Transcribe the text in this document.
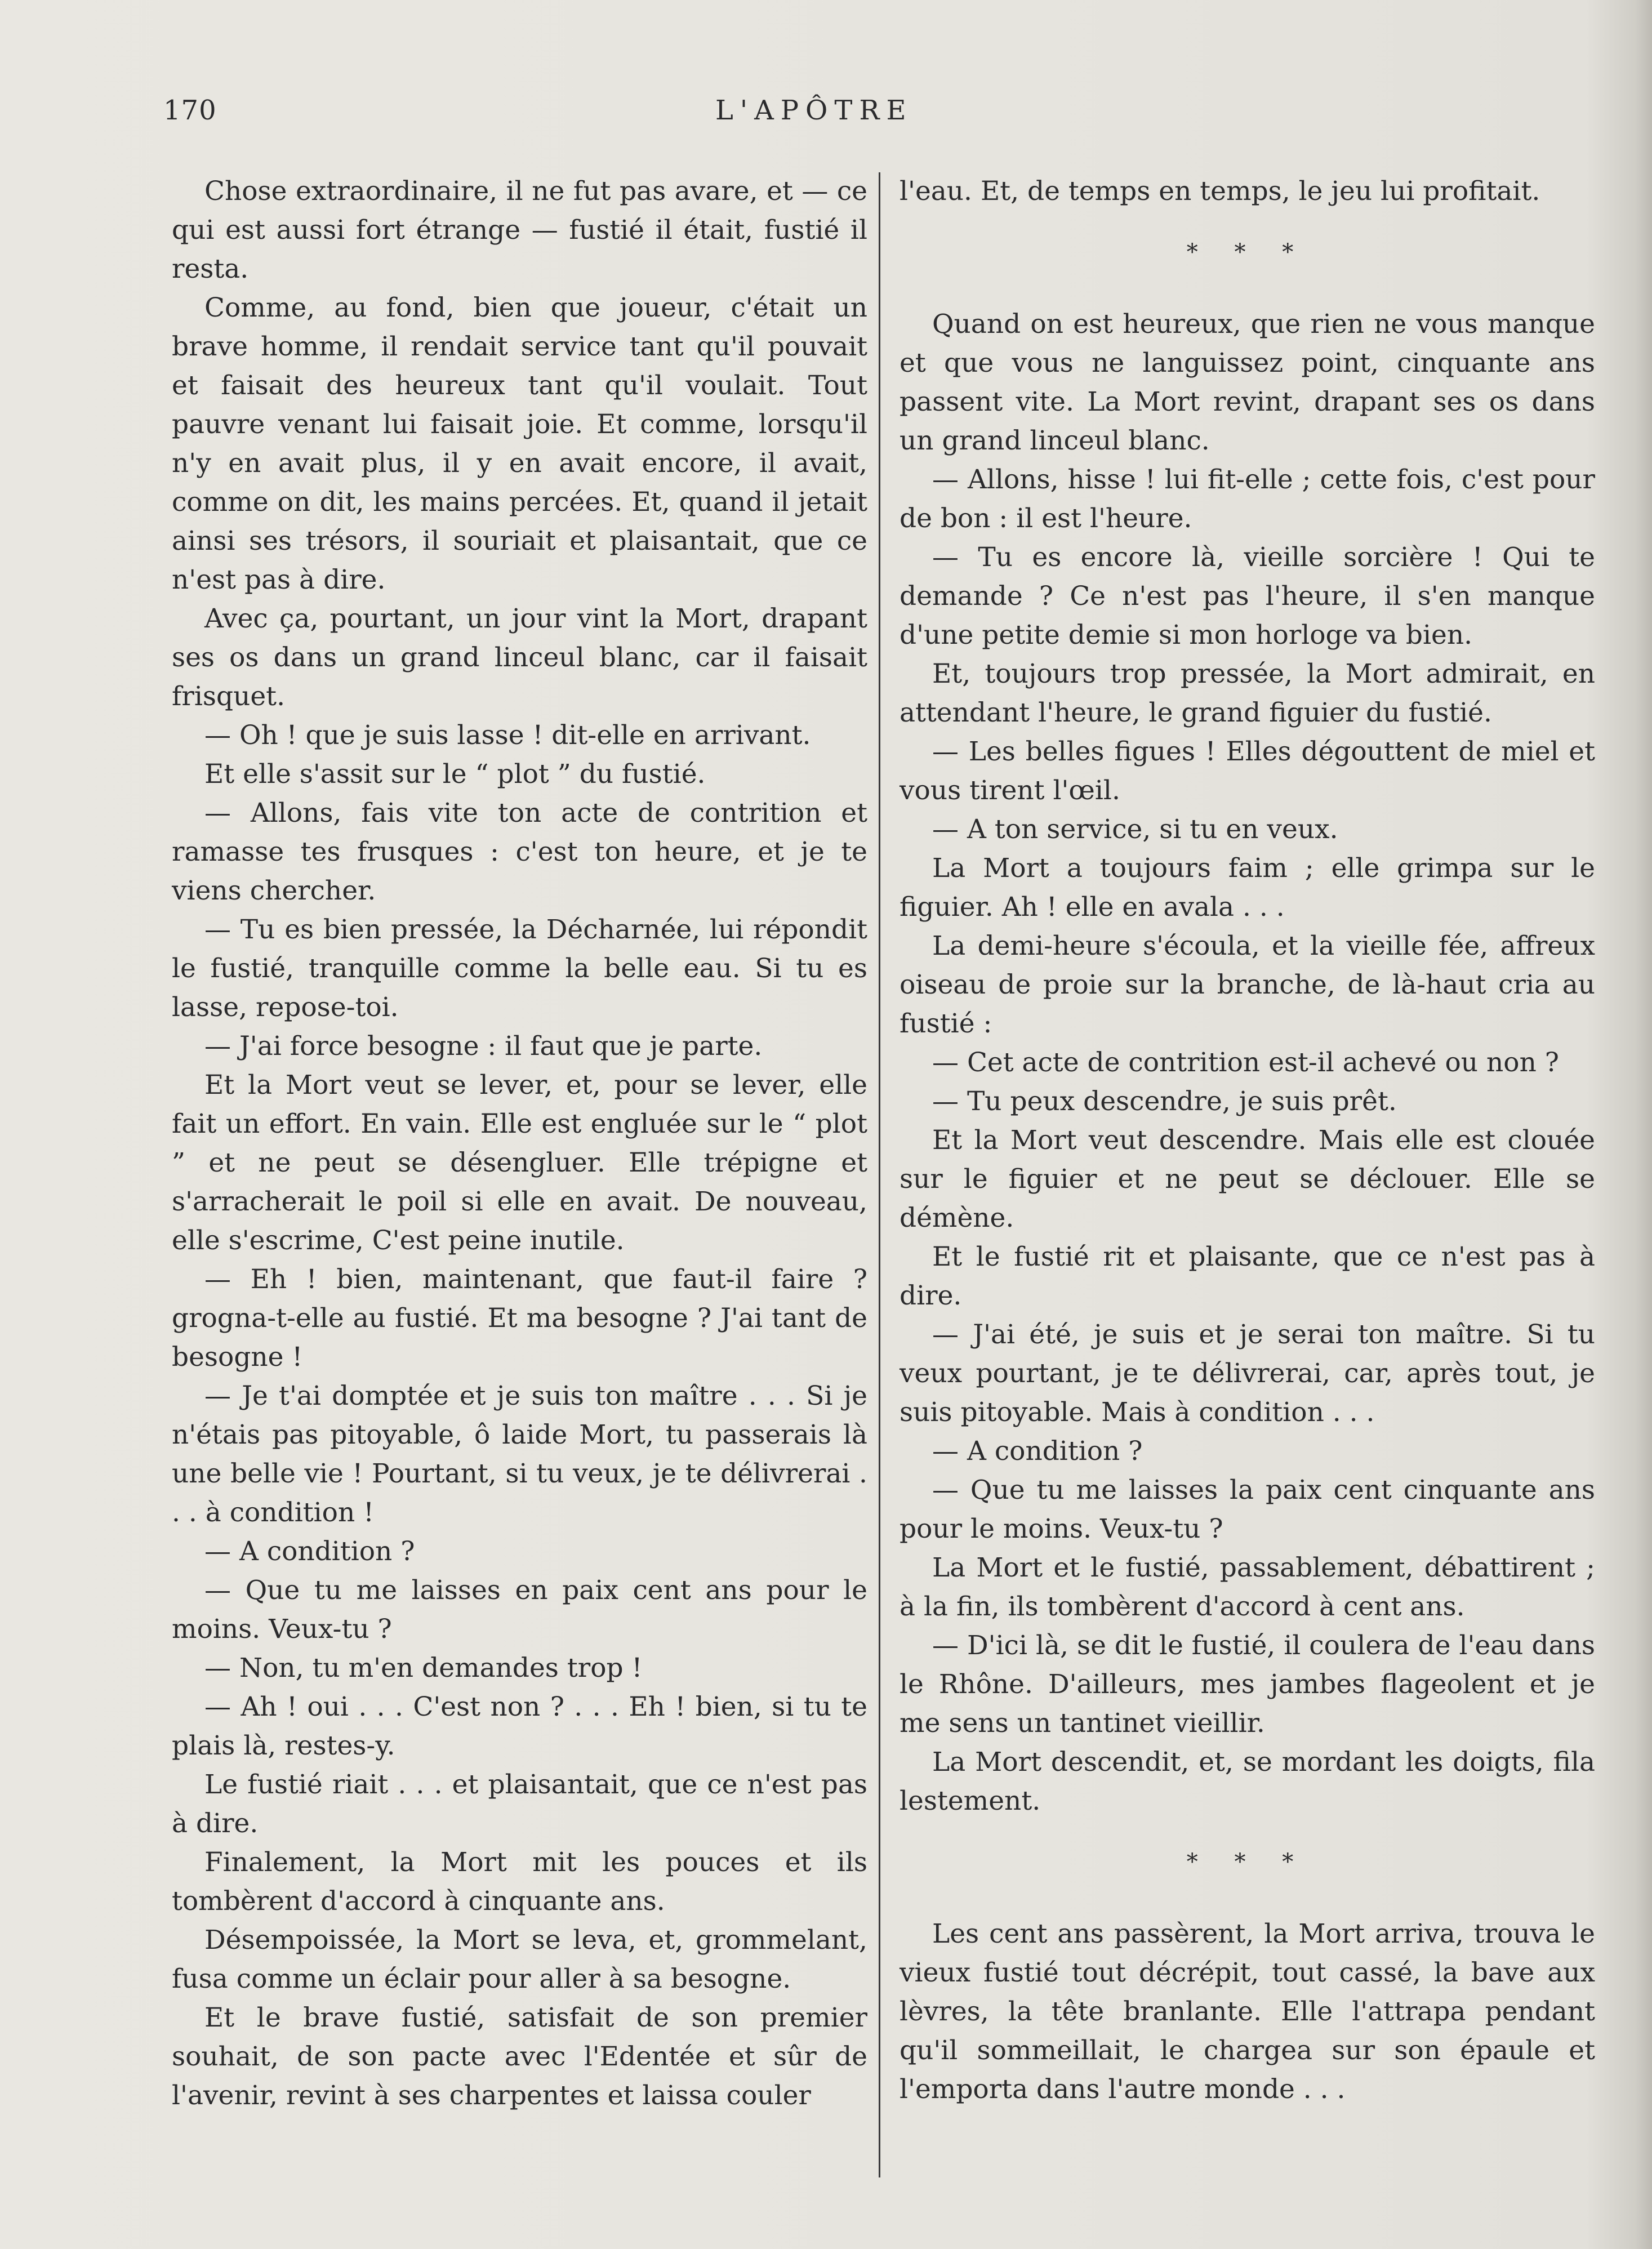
170	L'APÔTRE

Chose extraordinaire, il ne fut pas avare, et — ce qui est aussi fort étrange — fustié il était, fustié il resta.

Comme, au fond, bien que joueur, c'était un brave homme, il rendait service tant qu'il pouvait et faisait des heureux tant qu'il voulait. Tout pauvre venant lui faisait joie. Et comme, lorsqu'il n'y en avait plus, il y en avait encore, il avait, comme on dit, les mains percées. Et, quand il jetait ainsi ses trésors, il souriait et plaisantait, que ce n'est pas à dire.

Avec ça, pourtant, un jour vint la Mort, drapant ses os dans un grand linceul blanc, car il faisait frisquet.

— Oh ! que je suis lasse ! dit-elle en arrivant.

Et elle s'assit sur le “ plot ” du fustié.

— Allons, fais vite ton acte de contrition et ramasse tes frusques : c'est ton heure, et je te viens chercher.

— Tu es bien pressée, la Décharnée, lui répondit le fustié, tranquille comme la belle eau. Si tu es lasse, repose-toi.

— J'ai force besogne : il faut que je parte.

Et la Mort veut se lever, et, pour se lever, elle fait un effort. En vain. Elle est engluée sur le “ plot ” et ne peut se désengluer. Elle trépigne et s'arracherait le poil si elle en avait. De nouveau, elle s'escrime, C'est peine inutile.

— Eh ! bien, maintenant, que faut-il faire ? grogna-t-elle au fustié. Et ma besogne ? J'ai tant de besogne !

— Je t'ai domptée et je suis ton maître . . . Si je n'étais pas pitoyable, ô laide Mort, tu passerais là une belle vie ! Pourtant, si tu veux, je te délivrerai . . . à condition !

— A condition ?

— Que tu me laisses en paix cent ans pour le moins. Veux-tu ?

— Non, tu m'en demandes trop !

— Ah ! oui . . . C'est non ? . . . Eh ! bien, si tu te plais là, restes-y.

Le fustié riait . . . et plaisantait, que ce n'est pas à dire.

Finalement, la Mort mit les pouces et ils tombèrent d'accord à cinquante ans.

Désempoissée, la Mort se leva, et, grommelant, fusa comme un éclair pour aller à sa besogne.

Et le brave fustié, satisfait de son premier souhait, de son pacte avec l'Edentée et sûr de l'avenir, revint à ses charpentes et laissa couler

l'eau. Et, de temps en temps, le jeu lui profitait.

* * *

Quand on est heureux, que rien ne vous manque et que vous ne languissez point, cinquante ans passent vite. La Mort revint, drapant ses os dans un grand linceul blanc.

— Allons, hisse ! lui fit-elle ; cette fois, c'est pour de bon : il est l'heure.

— Tu es encore là, vieille sorcière ! Qui te demande ? Ce n'est pas l'heure, il s'en manque d'une petite demie si mon horloge va bien.

Et, toujours trop pressée, la Mort admirait, en attendant l'heure, le grand figuier du fustié.

— Les belles figues ! Elles dégouttent de miel et vous tirent l'œil.

— A ton service, si tu en veux.

La Mort a toujours faim ; elle grimpa sur le figuier. Ah ! elle en avala . . .

La demi-heure s'écoula, et la vieille fée, affreux oiseau de proie sur la branche, de là-haut cria au fustié :

— Cet acte de contrition est-il achevé ou non ?

— Tu peux descendre, je suis prêt.

Et la Mort veut descendre. Mais elle est clouée sur le figuier et ne peut se déclouer. Elle se démène.

Et le fustié rit et plaisante, que ce n'est pas à dire.

— J'ai été, je suis et je serai ton maître. Si tu veux pourtant, je te délivrerai, car, après tout, je suis pitoyable. Mais à condition . . .

— A condition ?

— Que tu me laisses la paix cent cinquante ans pour le moins. Veux-tu ?

La Mort et le fustié, passablement, débattirent ; à la fin, ils tombèrent d'accord à cent ans.

— D'ici là, se dit le fustié, il coulera de l'eau dans le Rhône. D'ailleurs, mes jambes flageolent et je me sens un tantinet vieillir.

La Mort descendit, et, se mordant les doigts, fila lestement.

* * *

Les cent ans passèrent, la Mort arriva, trouva le vieux fustié tout décrépit, tout cassé, la bave aux lèvres, la tête branlante. Elle l'attrapa pendant qu'il sommeillait, le chargea sur son épaule et l'emporta dans l'autre monde . . .
